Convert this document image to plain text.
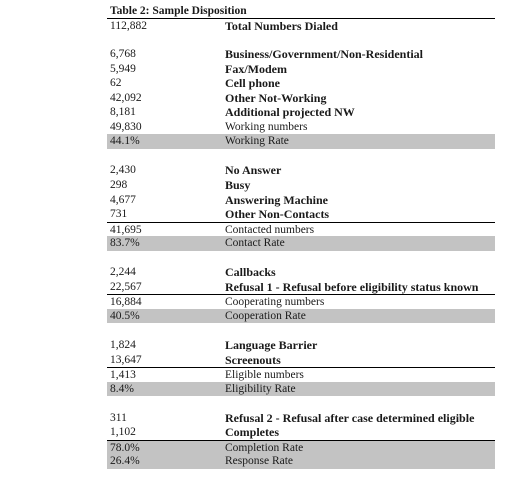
Table 2: Sample Disposition
112,882	Total Numbers Dialed
6,768	Business/Government/Non-Residential
5,949	Fax/Modem
62	Cell phone
42,092	Other Not-Working
8,181	Additional projected NW
49,830	Working numbers
44.1%	Working Rate
2,430	No Answer
298	Busy
4,677	Answering Machine
731	Other Non-Contacts
41,695	Contacted numbers
83.7%	Contact Rate
2,244	Callbacks
22,567	Refusal 1 - Refusal before eligibility status known
16,884	Cooperating numbers
40.5%	Cooperation Rate
1,824	Language Barrier
13,647	Screenouts
1,413	Eligible numbers
8.4%	Eligibility Rate
311	Refusal 2 - Refusal after case determined eligible
1,102	Completes
78.0%	Completion Rate
26.4%	Response Rate
